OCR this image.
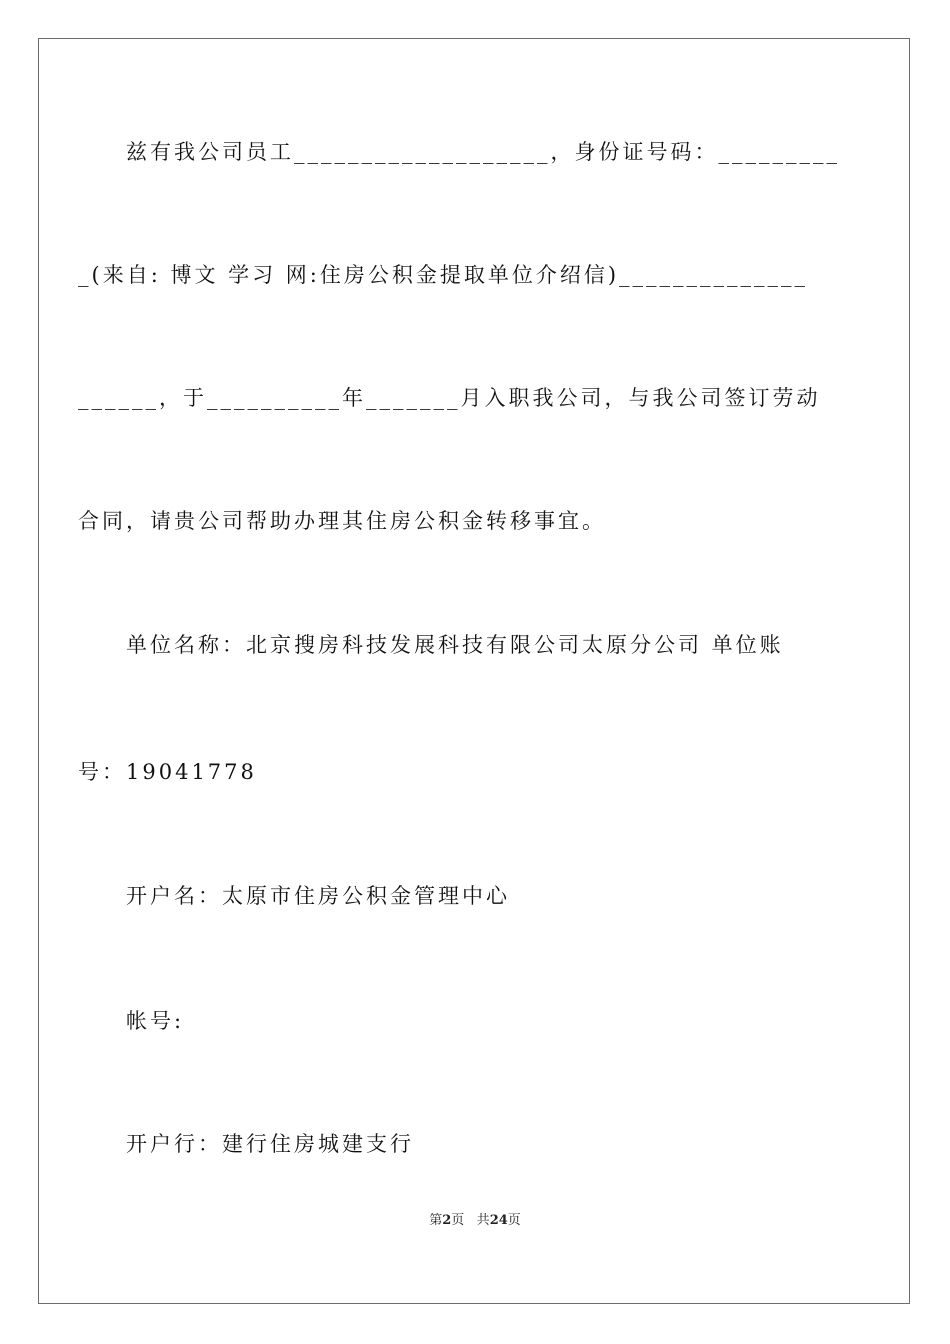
兹有我公司员工___________________，身份证号码：_________
_(来自: 博文 学习 网:住房公积金提取单位介绍信)______________
______，于__________年_______月入职我公司，与我公司签订劳动
合同，请贵公司帮助办理其住房公积金转移事宜。
单位名称：北京搜房科技发展科技有限公司太原分公司 单位账
号：19041778
开户名：太原市住房公积金管理中心
帐号:
开户行：建行住房城建支行
第2页 共24页
